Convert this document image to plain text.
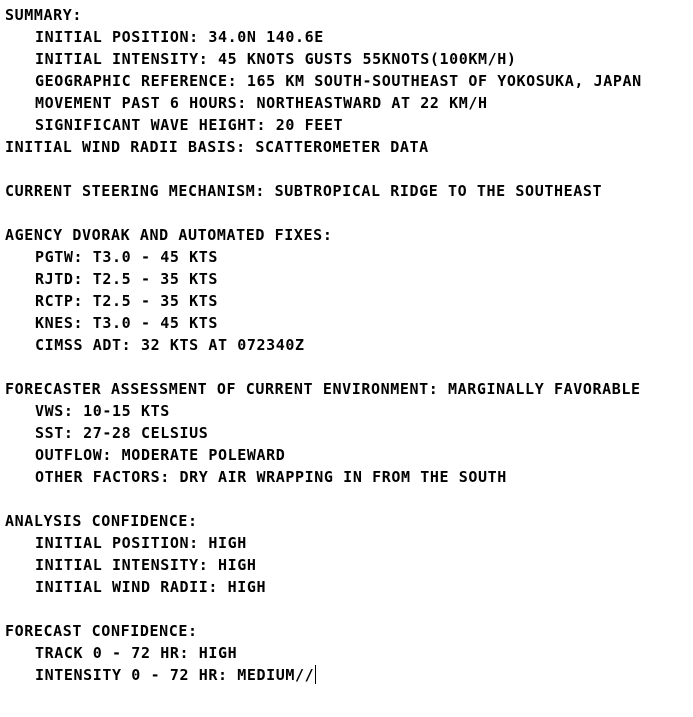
SUMMARY:
INITIAL POSITION: 34.0N 140.6E
INITIAL INTENSITY: 45 KNOTS GUSTS 55KNOTS(100KM/H)
GEOGRAPHIC REFERENCE: 165 KM SOUTH-SOUTHEAST OF YOKOSUKA, JAPAN
MOVEMENT PAST 6 HOURS: NORTHEASTWARD AT 22 KM/H
SIGNIFICANT WAVE HEIGHT: 20 FEET
INITIAL WIND RADII BASIS: SCATTEROMETER DATA
CURRENT STEERING MECHANISM: SUBTROPICAL RIDGE TO THE SOUTHEAST
AGENCY DVORAK AND AUTOMATED FIXES:
PGTW: T3.0 - 45 KTS
RJTD: T2.5 - 35 KTS
RCTP: T2.5 - 35 KTS
KNES: T3.0 - 45 KTS
CIMSS ADT: 32 KTS AT 072340Z
FORECASTER ASSESSMENT OF CURRENT ENVIRONMENT: MARGINALLY FAVORABLE
VWS: 10-15 KTS
SST: 27-28 CELSIUS
OUTFLOW: MODERATE POLEWARD
OTHER FACTORS: DRY AIR WRAPPING IN FROM THE SOUTH
ANALYSIS CONFIDENCE:
INITIAL POSITION: HIGH
INITIAL INTENSITY: HIGH
INITIAL WIND RADII: HIGH
FORECAST CONFIDENCE:
TRACK 0 - 72 HR: HIGH
INTENSITY 0 - 72 HR: MEDIUM//
